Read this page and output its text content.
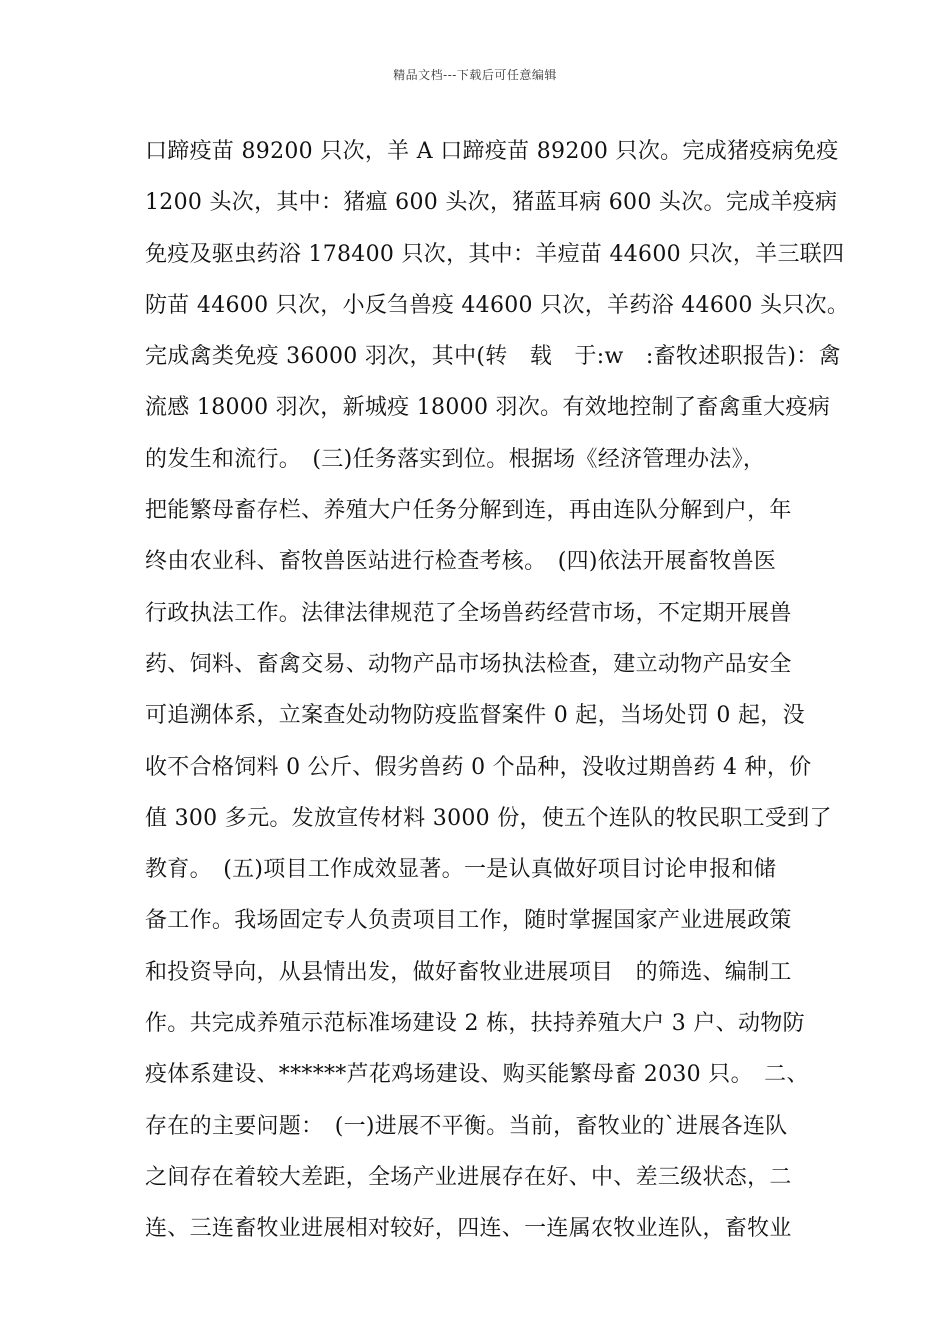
精品文档---下载后可任意编辑
口蹄疫苗 89200 只次，羊 A 口蹄疫苗 89200 只次。完成猪疫病免疫
1200 头次，其中：猪瘟 600 头次，猪蓝耳病 600 头次。完成羊疫病
免疫及驱虫药浴 178400 只次，其中：羊痘苗 44600 只次，羊三联四
防苗 44600 只次，小反刍兽疫 44600 只次，羊药浴 44600 头只次。
完成禽类免疫 36000 羽次，其中(转　载　于:w　:畜牧述职报告)：禽
流感 18000 羽次，新城疫 18000 羽次。有效地控制了畜禽重大疫病
的发生和流行。　(三)任务落实到位。根据场《经济管理办法》，
把能繁母畜存栏、养殖大户任务分解到连，再由连队分解到户，年
终由农业科、畜牧兽医站进行检查考核。　(四)依法开展畜牧兽医
行政执法工作。法律法律规范了全场兽药经营市场，不定期开展兽
药、饲料、畜禽交易、动物产品市场执法检查，建立动物产品安全
可追溯体系，立案查处动物防疫监督案件 0 起，当场处罚 0 起，没
收不合格饲料 0 公斤、假劣兽药 0 个品种，没收过期兽药 4 种，价
值 300 多元。发放宣传材料 3000 份，使五个连队的牧民职工受到了
教育。　(五)项目工作成效显著。一是认真做好项目讨论申报和储
备工作。我场固定专人负责项目工作，随时掌握国家产业进展政策
和投资导向，从县情出发，做好畜牧业进展项目　的筛选、编制工
作。共完成养殖示范标准场建设 2 栋，扶持养殖大户 3 户、动物防
疫体系建设、******芦花鸡场建设、购买能繁母畜 2030 只。　二、
存在的主要问题：　(一)进展不平衡。当前，畜牧业的`进展各连队
之间存在着较大差距，全场产业进展存在好、中、差三级状态，二
连、三连畜牧业进展相对较好，四连、一连属农牧业连队，畜牧业
